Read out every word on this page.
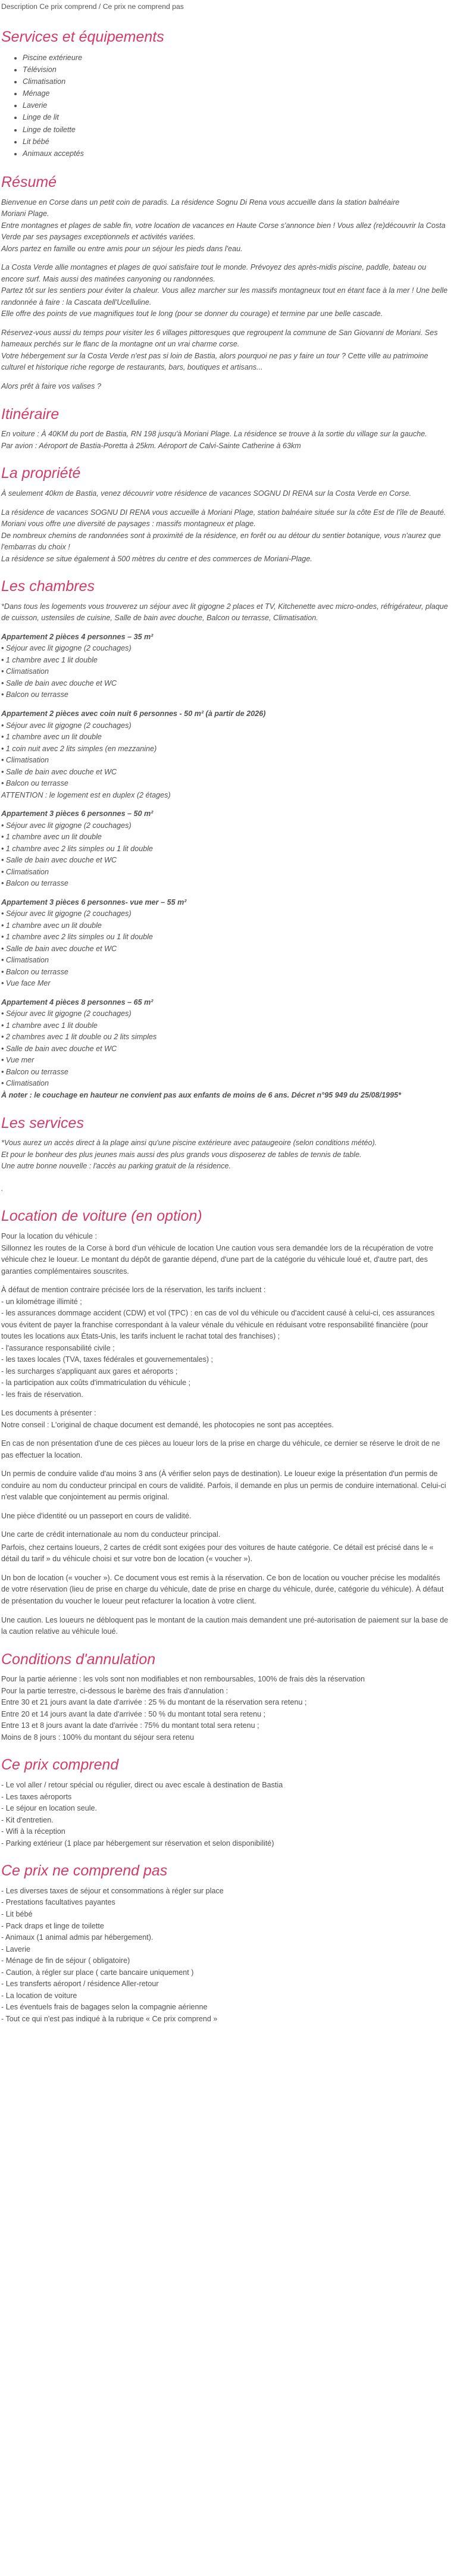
Description Ce prix comprend / Ce prix ne comprend pas
Services et équipements
• Piscine extérieure
• Télévision
• Climatisation
• Ménage
• Laverie
• Linge de lit
• Linge de toilette
• Lit bébé
• Animaux acceptés
Résumé

Bienvenue en Corse dans un petit coin de paradis. La résidence Sognu Di Rena vous accueille dans la station balnéaire
Moriani Plage.
Entre montagnes et plages de sable fin, votre location de vacances en Haute Corse s'annonce bien ! Vous allez (re)découvrir la Costa Verde par ses paysages exceptionnels et activités variées.
Alors partez en famille ou entre amis pour un séjour les pieds dans l'eau.

La Costa Verde allie montagnes et plages de quoi satisfaire tout le monde. Prévoyez des après-midis piscine, paddle, bateau ou encore surf. Mais aussi des matinées canyoning ou randonnées.
Partez tôt sur les sentiers pour éviter la chaleur. Vous allez marcher sur les massifs montagneux tout en étant face à la mer ! Une belle randonnée à faire : la Cascata dell'Ucelluline.
Elle offre des points de vue magnifiques tout le long (pour se donner du courage) et termine par une belle cascade.

Réservez-vous aussi du temps pour visiter les 6 villages pittoresques que regroupent la commune de San Giovanni de Moriani. Ses hameaux perchés sur le flanc de la montagne ont un vrai charme corse.
Votre hébergement sur la Costa Verde n'est pas si loin de Bastia, alors pourquoi ne pas y faire un tour ? Cette ville au patrimoine culturel et historique riche regorge de restaurants, bars, boutiques et artisans...

Alors prêt à faire vos valises ?

Itinéraire

En voiture : À 40KM du port de Bastia, RN 198 jusqu'à Moriani Plage. La résidence se trouve à la sortie du village sur la gauche.
Par avion : Aéroport de Bastia-Poretta à 25km. Aéroport de Calvi-Sainte Catherine à 63km

La propriété

À seulement 40km de Bastia, venez découvrir votre résidence de vacances SOGNU DI RENA sur la Costa Verde en Corse.

La résidence de vacances SOGNU DI RENA vous accueille à Moriani Plage, station balnéaire située sur la côte Est de l'île de Beauté.
Moriani vous offre une diversité de paysages : massifs montagneux et plage.
De nombreux chemins de randonnées sont à proximité de la résidence, en forêt ou au détour du sentier botanique, vous n'aurez que l'embarras du choix !
La résidence se situe également à 500 mètres du centre et des commerces de Moriani-Plage.

Les chambres

*Dans tous les logements vous trouverez un séjour avec lit gigogne 2 places et TV, Kitchenette avec micro-ondes, réfrigérateur, plaque de cuisson, ustensiles de cuisine, Salle de bain avec douche, Balcon ou terrasse, Climatisation.

Appartement 2 pièces 4 personnes – 35 m²
• Séjour avec lit gigogne (2 couchages)
• 1 chambre avec 1 lit double
• Climatisation
• Salle de bain avec douche et WC
• Balcon ou terrasse

Appartement 2 pièces avec coin nuit 6 personnes - 50 m² (à partir de 2026)
• Séjour avec lit gigogne (2 couchages)
• 1 chambre avec un lit double
• 1 coin nuit avec 2 lits simples (en mezzanine)
• Climatisation
• Salle de bain avec douche et WC
• Balcon ou terrasse
ATTENTION : le logement est en duplex (2 étages)

Appartement 3 pièces 6 personnes – 50 m²
• Séjour avec lit gigogne (2 couchages)
• 1 chambre avec un lit double
• 1 chambre avec 2 lits simples ou 1 lit double
• Salle de bain avec douche et WC
• Climatisation
• Balcon ou terrasse

Appartement 3 pièces 6 personnes- vue mer – 55 m²
• Séjour avec lit gigogne (2 couchages)
• 1 chambre avec un lit double
• 1 chambre avec 2 lits simples ou 1 lit double
• Salle de bain avec douche et WC
• Climatisation
• Balcon ou terrasse
• Vue face Mer

Appartement 4 pièces 8 personnes – 65 m²
• Séjour avec lit gigogne (2 couchages)
• 1 chambre avec 1 lit double
• 2 chambres avec 1 lit double ou 2 lits simples
• Salle de bain avec douche et WC
• Vue mer
• Balcon ou terrasse
• Climatisation
À noter : le couchage en hauteur ne convient pas aux enfants de moins de 6 ans. Décret n°95 949 du 25/08/1995*

Les services

*Vous aurez un accès direct à la plage ainsi qu'une piscine extérieure avec pataugeoire (selon conditions météo).
Et pour le bonheur des plus jeunes mais aussi des plus grands vous disposerez de tables de tennis de table.
Une autre bonne nouvelle : l'accès au parking gratuit de la résidence.

.

Location de voiture (en option)

Pour la location du véhicule :
Sillonnez les routes de la Corse à bord d'un véhicule de location Une caution vous sera demandée lors de la récupération de votre véhicule chez le loueur. Le montant du dépôt de garantie dépend, d'une part de la catégorie du véhicule loué et, d'autre part, des garanties complémentaires souscrites.

À défaut de mention contraire précisée lors de la réservation, les tarifs incluent :
- un kilométrage illimité ;
- les assurances dommage accident (CDW) et vol (TPC) : en cas de vol du véhicule ou d'accident causé à celui-ci, ces assurances vous évitent de payer la franchise correspondant à la valeur vénale du véhicule en réduisant votre responsabilité financière (pour toutes les locations aux États-Unis, les tarifs incluent le rachat total des franchises) ;
- l'assurance responsabilité civile ;
- les taxes locales (TVA, taxes fédérales et gouvernementales) ;
- les surcharges s'appliquant aux gares et aéroports ;
- la participation aux coûts d'immatriculation du véhicule ;
- les frais de réservation.

Les documents à présenter :
Notre conseil : L'original de chaque document est demandé, les photocopies ne sont pas acceptées.

En cas de non présentation d'une de ces pièces au loueur lors de la prise en charge du véhicule, ce dernier se réserve le droit de ne pas effectuer la location.

Un permis de conduire valide d'au moins 3 ans (À vérifier selon pays de destination). Le loueur exige la présentation d'un permis de conduire au nom du conducteur principal en cours de validité. Parfois, il demande en plus un permis de conduire international. Celui-ci n'est valable que conjointement au permis original.

Une pièce d'identité ou un passeport en cours de validité.

Une carte de crédit internationale au nom du conducteur principal.

Parfois, chez certains loueurs, 2 cartes de crédit sont exigées pour des voitures de haute catégorie. Ce détail est précisé dans le « détail du tarif » du véhicule choisi et sur votre bon de location (« voucher »).

Un bon de location (« voucher »). Ce document vous est remis à la réservation. Ce bon de location ou voucher précise les modalités de votre réservation (lieu de prise en charge du véhicule, date de prise en charge du véhicule, durée, catégorie du véhicule). À défaut de présentation du voucher le loueur peut refacturer la location à votre client.

Une caution. Les loueurs ne débloquent pas le montant de la caution mais demandent une pré-autorisation de paiement sur la base de la caution relative au véhicule loué.

Conditions d'annulation

Pour la partie aérienne : les vols sont non modifiables et non remboursables, 100% de frais dès la réservation
Pour la partie terrestre, ci-dessous le barème des frais d'annulation :
Entre 30 et 21 jours avant la date d'arrivée : 25 % du montant de la réservation sera retenu ;
Entre 20 et 14 jours avant la date d'arrivée : 50 % du montant total sera retenu ;
Entre 13 et 8 jours avant la date d'arrivée : 75% du montant total sera retenu ;
Moins de 8 jours : 100% du montant du séjour sera retenu

Ce prix comprend

- Le vol aller / retour spécial ou régulier, direct ou avec escale à destination de Bastia
- Les taxes aéroports
- Le séjour en location seule.
- Kit d'entretien.
- Wifi à la réception
- Parking extérieur (1 place par hébergement sur réservation et selon disponibilité)

Ce prix ne comprend pas

- Les diverses taxes de séjour et consommations à régler sur place
- Prestations facultatives payantes
- Lit bébé
- Pack draps et linge de toilette
- Animaux (1 animal admis par hébergement).
- Laverie
- Ménage de fin de séjour ( obligatoire)
- Caution, à régler sur place ( carte bancaire uniquement )
- Les transferts aéroport / résidence Aller-retour
- La location de voiture
- Les éventuels frais de bagages selon la compagnie aérienne
- Tout ce qui n'est pas indiqué à la rubrique « Ce prix comprend »
